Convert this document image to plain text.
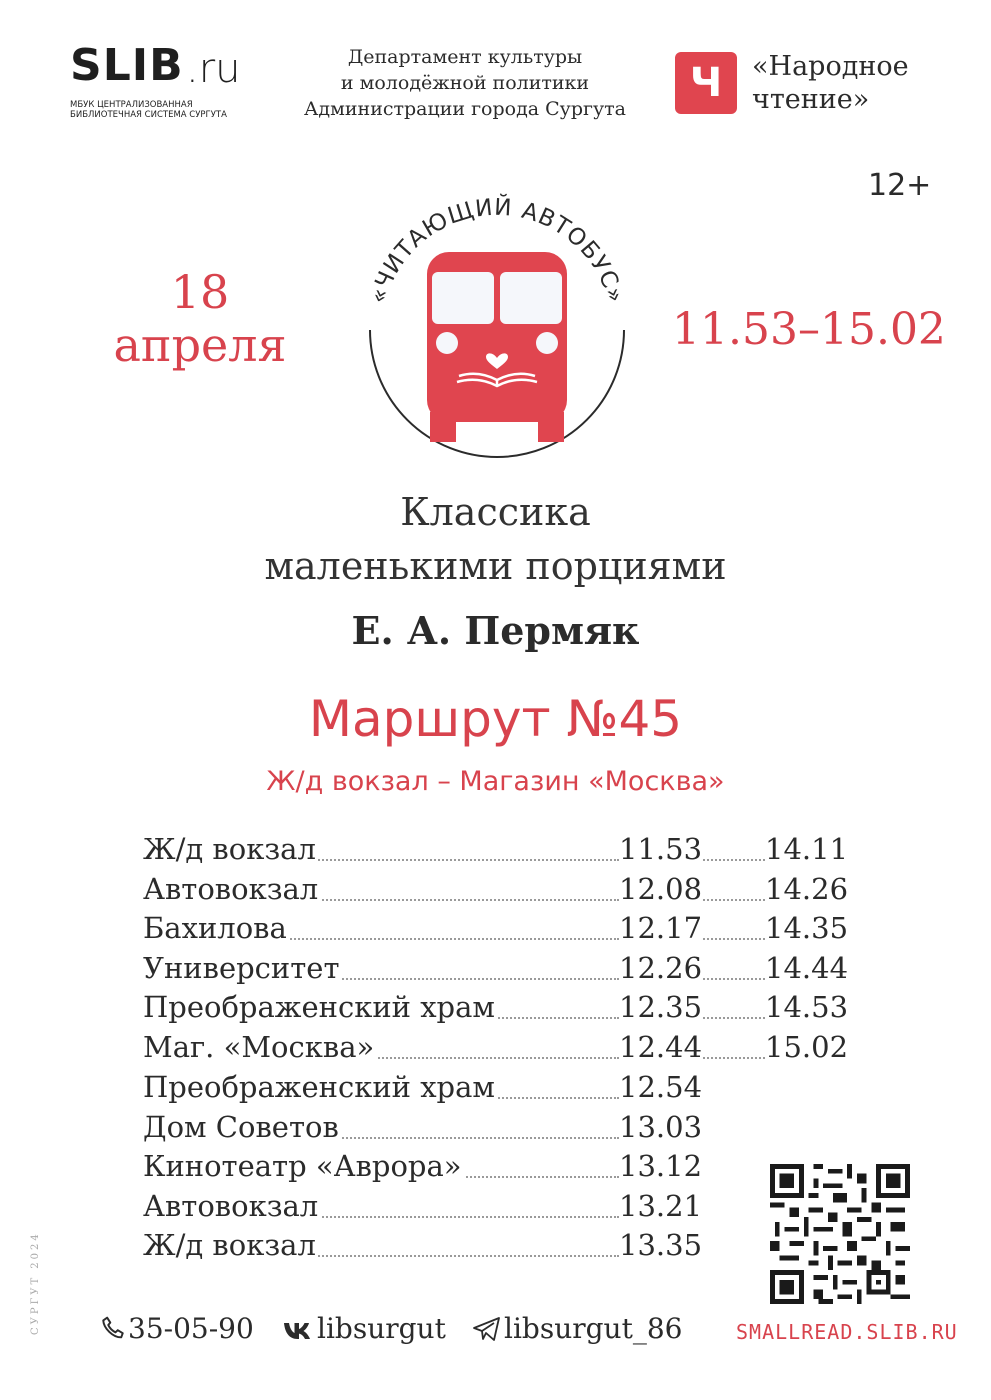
SLIB .ru
МБУК ЦЕНТРАЛИЗОВАННАЯ БИБЛИОТЕЧНАЯ СИСТЕМА СУРГУТА
Департамент культуры
и молодёжной политики
Администрации города Сургута
Ч	«Народное
чтение»
12+
18
апреля	11.53–15.02
«ЧИТАЮЩИЙ АВТОБУС»
Классика
маленькими порциями
Е. А. Пермяк
Маршрут №45
Ж/д вокзал – Магазин «Москва»
Ж/д вокзал	11.53 14.11
Автовокзал	12.08 14.26
Бахилова	12.17 14.35
Университет	12.26 14.44
Преображенский храм	12.35 14.53
Маг. «Москва»	12.44 15.02
Преображенский храм	12.54
Дом Советов	13.03
Кинотеатр «Аврора»	13.12
Автовокзал	13.21
Ж/д вокзал	13.35
СУРГУТ 2024	35-05-90	libsurgut	libsurgut_86	SMALLREAD.SLIB.RU
